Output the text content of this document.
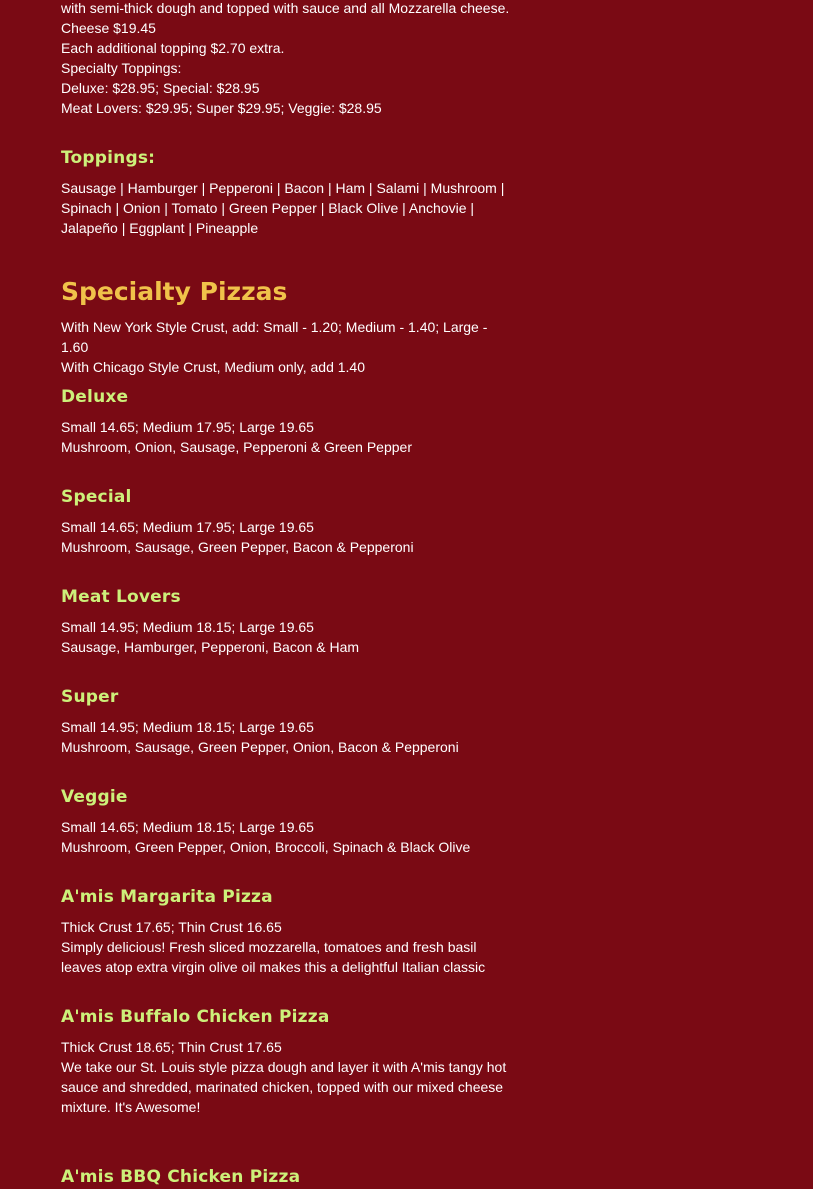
with semi-thick dough and topped with sauce and all Mozzarella cheese.

Cheese $19.45

Each additional topping $2.70 extra.

Specialty Toppings:

Deluxe: $28.95; Special: $28.95

Meat Lovers: $29.95; Super $29.95; Veggie: $28.95

Toppings:

Sausage | Hamburger | Pepperoni | Bacon | Ham | Salami | Mushroom |

Spinach | Onion | Tomato | Green Pepper | Black Olive | Anchovie |

Jalapeño | Eggplant | Pineapple

Specialty Pizzas

With New York Style Crust, add: Small - 1.20; Medium - 1.40; Large -

1.60

With Chicago Style Crust, Medium only, add 1.40

Deluxe

Small 14.65; Medium 17.95; Large 19.65

Mushroom, Onion, Sausage, Pepperoni & Green Pepper

Special

Small 14.65; Medium 17.95; Large 19.65

Mushroom, Sausage, Green Pepper, Bacon & Pepperoni

Meat Lovers

Small 14.95; Medium 18.15; Large 19.65

Sausage, Hamburger, Pepperoni, Bacon & Ham

Super

Small 14.95; Medium 18.15; Large 19.65

Mushroom, Sausage, Green Pepper, Onion, Bacon & Pepperoni

Veggie

Small 14.65; Medium 18.15; Large 19.65

Mushroom, Green Pepper, Onion, Broccoli, Spinach & Black Olive

A'mis Margarita Pizza

Thick Crust 17.65; Thin Crust 16.65

Simply delicious! Fresh sliced mozzarella, tomatoes and fresh basil

leaves atop extra virgin olive oil makes this a delightful Italian classic

A'mis Buffalo Chicken Pizza

Thick Crust 18.65; Thin Crust 17.65

We take our St. Louis style pizza dough and layer it with A'mis tangy hot

sauce and shredded, marinated chicken, topped with our mixed cheese

mixture. It's Awesome!

A'mis BBQ Chicken Pizza
